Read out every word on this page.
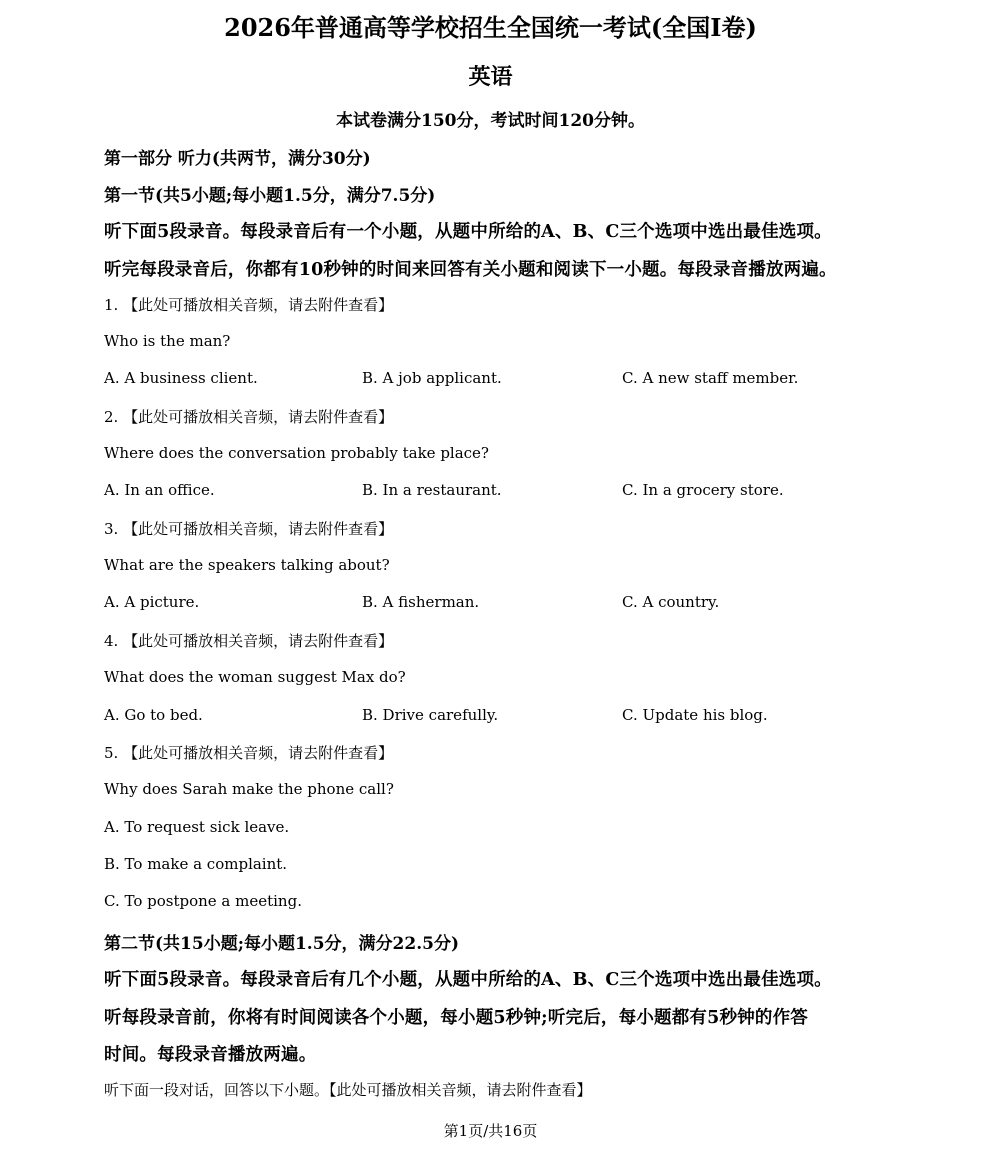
2026年普通高等学校招生全国统一考试(全国Ⅰ卷)
英语
本试卷满分150分，考试时间120分钟。
第一部分 听力(共两节，满分30分)
第一节(共5小题;每小题1.5分，满分7.5分)
听下面5段录音。每段录音后有一个小题，从题中所给的A、B、C三个选项中选出最佳选项。
听完每段录音后，你都有10秒钟的时间来回答有关小题和阅读下一小题。每段录音播放两遍。
1. 【此处可播放相关音频，请去附件查看】
Who is the man?
A. A business client.	B. A job applicant.	C. A new staff member.
2. 【此处可播放相关音频，请去附件查看】
Where does the conversation probably take place?
A. In an office.	B. In a restaurant.	C. In a grocery store.
3. 【此处可播放相关音频，请去附件查看】
What are the speakers talking about?
A. A picture.	B. A fisherman.	C. A country.
4. 【此处可播放相关音频，请去附件查看】
What does the woman suggest Max do?
A. Go to bed.	B. Drive carefully.	C. Update his blog.
5. 【此处可播放相关音频，请去附件查看】
Why does Sarah make the phone call?
A. To request sick leave.
B. To make a complaint.
C. To postpone a meeting.
第二节(共15小题;每小题1.5分，满分22.5分)
听下面5段录音。每段录音后有几个小题，从题中所给的A、B、C三个选项中选出最佳选项。
听每段录音前，你将有时间阅读各个小题，每小题5秒钟;听完后，每小题都有5秒钟的作答
时间。每段录音播放两遍。
听下面一段对话，回答以下小题。【此处可播放相关音频，请去附件查看】
第1页/共16页
